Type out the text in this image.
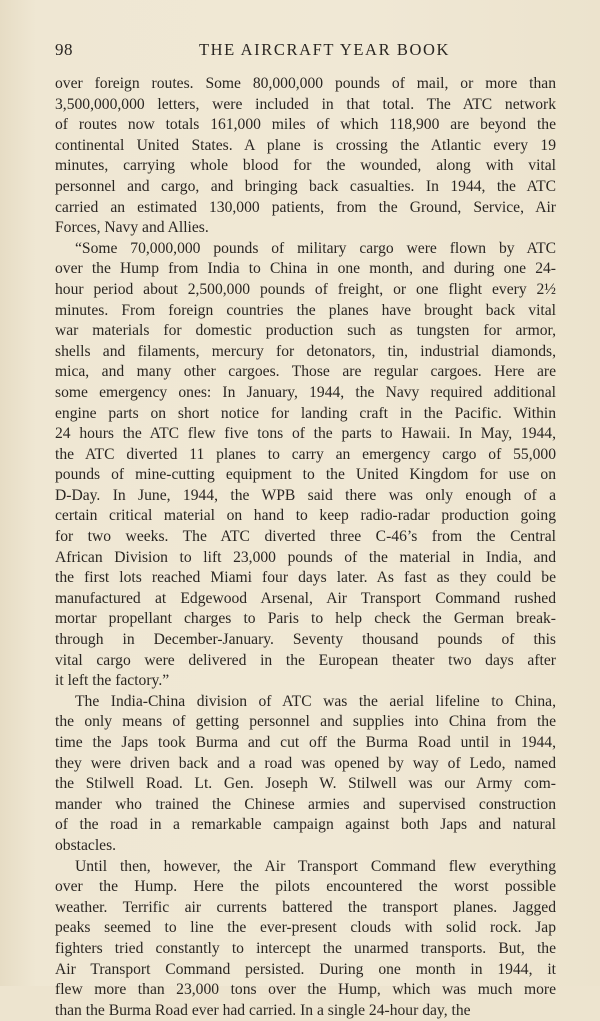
98	THE AIRCRAFT YEAR BOOK
over foreign routes. Some 80,000,000 pounds of mail, or more than
3,500,000,000 letters, were included in that total. The ATC network
of routes now totals 161,000 miles of which 118,900 are beyond the
continental United States. A plane is crossing the Atlantic every 19
minutes, carrying whole blood for the wounded, along with vital
personnel and cargo, and bringing back casualties. In 1944, the ATC
carried an estimated 130,000 patients, from the Ground, Service, Air
Forces, Navy and Allies.
“Some 70,000,000 pounds of military cargo were flown by ATC
over the Hump from India to China in one month, and during one 24-
hour period about 2,500,000 pounds of freight, or one flight every 2½
minutes. From foreign countries the planes have brought back vital
war materials for domestic production such as tungsten for armor,
shells and filaments, mercury for detonators, tin, industrial diamonds,
mica, and many other cargoes. Those are regular cargoes. Here are
some emergency ones: In January, 1944, the Navy required additional
engine parts on short notice for landing craft in the Pacific. Within
24 hours the ATC flew five tons of the parts to Hawaii. In May, 1944,
the ATC diverted 11 planes to carry an emergency cargo of 55,000
pounds of mine-cutting equipment to the United Kingdom for use on
D-Day. In June, 1944, the WPB said there was only enough of a
certain critical material on hand to keep radio-radar production going
for two weeks. The ATC diverted three C-46’s from the Central
African Division to lift 23,000 pounds of the material in India, and
the first lots reached Miami four days later. As fast as they could be
manufactured at Edgewood Arsenal, Air Transport Command rushed
mortar propellant charges to Paris to help check the German break-
through in December-January. Seventy thousand pounds of this
vital cargo were delivered in the European theater two days after
it left the factory.”
The India-China division of ATC was the aerial lifeline to China,
the only means of getting personnel and supplies into China from the
time the Japs took Burma and cut off the Burma Road until in 1944,
they were driven back and a road was opened by way of Ledo, named
the Stilwell Road. Lt. Gen. Joseph W. Stilwell was our Army com-
mander who trained the Chinese armies and supervised construction
of the road in a remarkable campaign against both Japs and natural
obstacles.
Until then, however, the Air Transport Command flew everything
over the Hump. Here the pilots encountered the worst possible
weather. Terrific air currents battered the transport planes. Jagged
peaks seemed to line the ever-present clouds with solid rock. Jap
fighters tried constantly to intercept the unarmed transports. But, the
Air Transport Command persisted. During one month in 1944, it
flew more than 23,000 tons over the Hump, which was much more
than the Burma Road ever had carried. In a single 24-hour day, the
